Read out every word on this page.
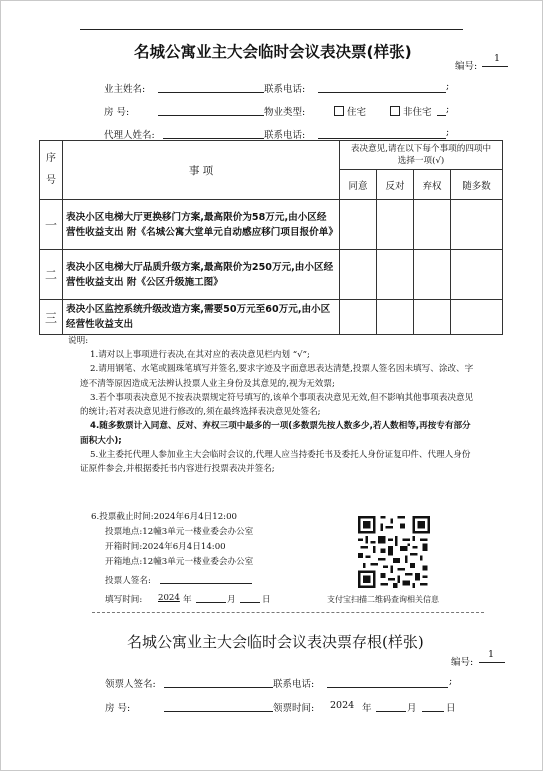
名城公寓业主大会临时会议表决票(样张)
编号:
1
业主姓名:	联系电话:	;
房 号:	物业类型:	住宅	非住宅 ;
代理人姓名:	联系电话:	;
序
号	事 项	表决意见,请在以下每个事项的四项中选择一项(√)			
		同意	反对	弃权	随多数
一	表决小区电梯大厅更换移门方案,最高限价为58万元,由小区经营性收益支出 附《名城公寓大堂单元自动感应移门项目报价单》				
二	表决小区电梯大厅品质升级方案,最高限价为250万元,由小区经营性收益支出 附《公区升级施工图》				
三	表决小区监控系统升级改造方案,需要50万元至60万元,由小区经营性收益支出				
说明:

1.请对以上事项进行表决,在其对应的表决意见栏内划 “√”;

2.请用钢笔、水笔或圆珠笔填写并签名,要求字迹及字面意思表达清楚,投票人签名因未填写、涂改、字迹不清等原因造成无法辨认投票人业主身份及其意见的,视为无效票;

3.若个事项表决意见不按表决票规定符号填写的,该单个事项表决意见无效,但不影响其他事项表决意见的统计;若对表决意见进行修改的,须在最终选择表决意见处签名;

4.随多数票计入同意、反对、弃权三项中最多的一项(多数票先按人数多少,若人数相等,再按专有部分面积大小);

5.业主委托代理人参加业主大会临时会议的,代理人应当持委托书及委托人身份证复印件、代理人身份证原件参会,并根据委托书内容进行投票表决并签名;

6.投票截止时间:2024年6月4日12:00
投票地点:12幢3单元一楼业委会办公室
开箱时间:2024年6月4日14:00
开箱地点:12幢3单元一楼业委会办公室
投票人签名:
填写时间: 2024 年	月	日	支付宝扫描二维码查询相关信息
名城公寓业主大会临时会议表决票存根(样张)
编号:
1
领票人签名:	联系电话:	;
房 号:	领票时间: 2024 年	月	日
